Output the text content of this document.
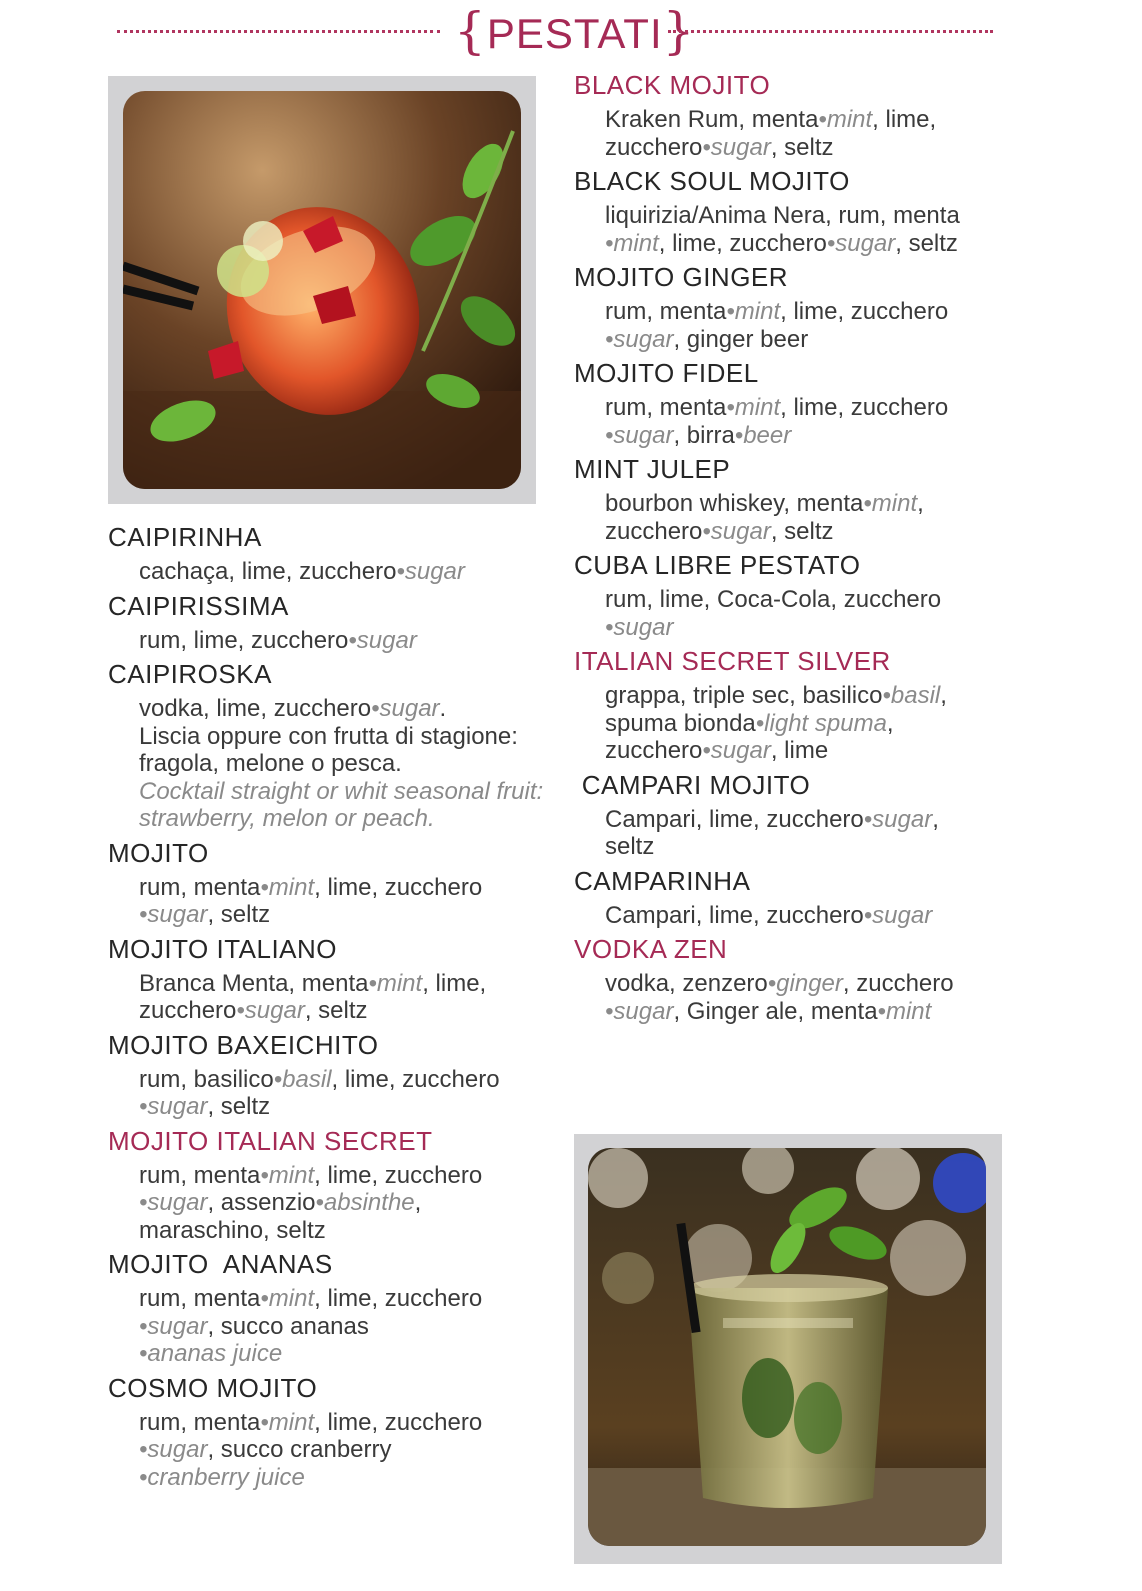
{PESTATI}
CAIPIRINHA
cachaça, lime, zucchero•sugar
CAIPIRISSIMA
rum, lime, zucchero•sugar
CAIPIROSKA
vodka, lime, zucchero•sugar.
Liscia oppure con frutta di stagione: fragola, melone o pesca.
Cocktail straight or whit seasonal fruit: strawberry, melon or peach.
MOJITO
rum, menta•mint, lime, zucchero
•sugar, seltz
MOJITO ITALIANO
Branca Menta, menta•mint, lime,
zucchero•sugar, seltz
MOJITO BAXEICHITO
rum, basilico•basil, lime, zucchero
•sugar, seltz
MOJITO ITALIAN SECRET
rum, menta•mint, lime, zucchero
•sugar, assenzio•absinthe,
maraschino, seltz
MOJITO  ANANAS
rum, menta•mint, lime, zucchero
•sugar, succo ananas
•ananas juice
COSMO MOJITO
rum, menta•mint, lime, zucchero
•sugar, succo cranberry
•cranberry juice
BLACK MOJITO
Kraken Rum, menta•mint, lime,
zucchero•sugar, seltz
BLACK SOUL MOJITO
liquirizia/Anima Nera, rum, menta
•mint, lime, zucchero•sugar, seltz
MOJITO GINGER
rum, menta•mint, lime, zucchero
•sugar, ginger beer
MOJITO FIDEL
rum, menta•mint, lime, zucchero
•sugar, birra•beer
MINT JULEP
bourbon whiskey, menta•mint,
zucchero•sugar, seltz
CUBA LIBRE PESTATO
rum, lime, Coca-Cola, zucchero
•sugar
ITALIAN SECRET SILVER
grappa, triple sec, basilico•basil,
spuma bionda•light spuma,
zucchero•sugar, lime
CAMPARI MOJITO
Campari, lime, zucchero•sugar,
seltz
CAMPARINHA
Campari, lime, zucchero•sugar
VODKA ZEN
vodka, zenzero•ginger, zucchero
•sugar, Ginger ale, menta•mint
